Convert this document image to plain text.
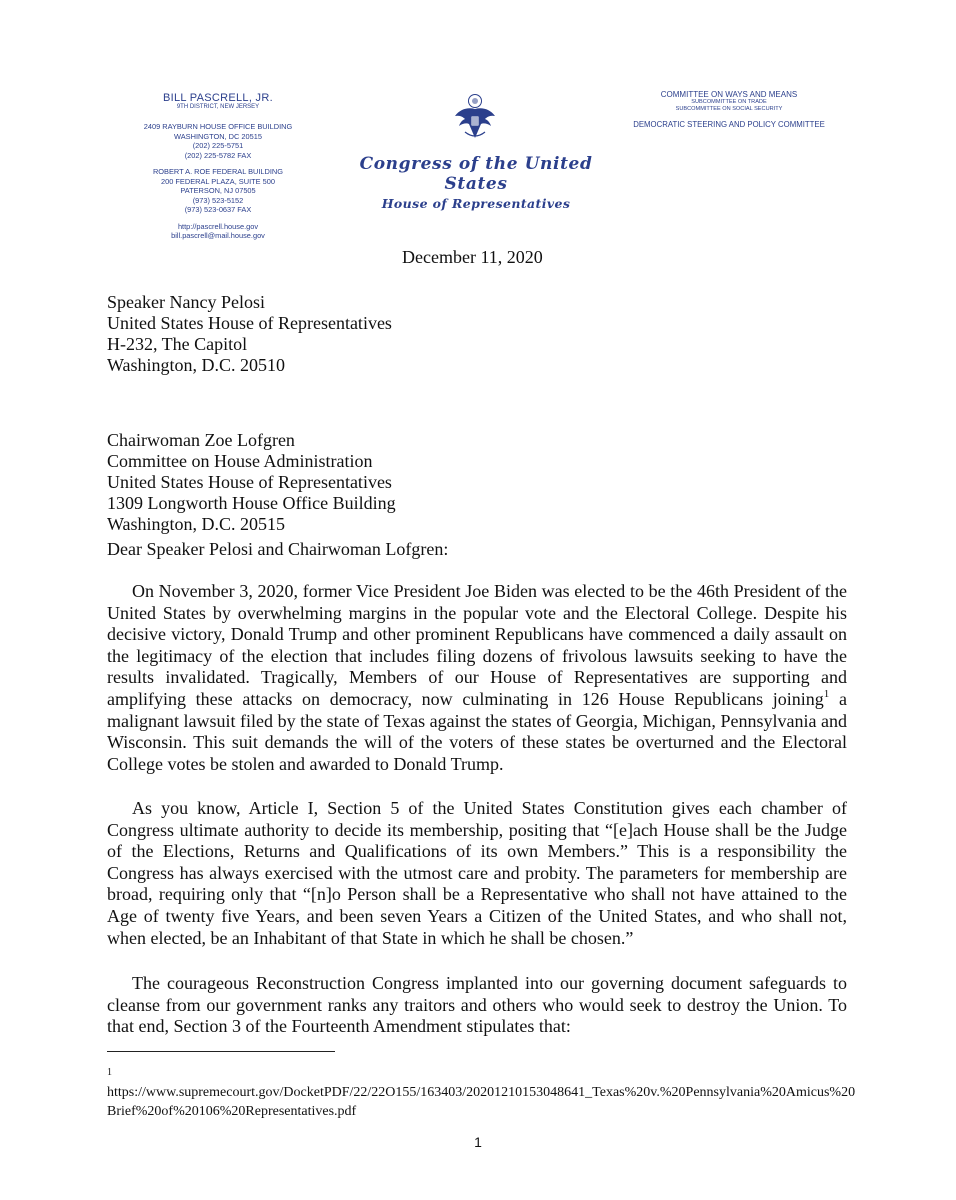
BILL PASCRELL, JR.
9TH DISTRICT, NEW JERSEY
2409 RAYBURN HOUSE OFFICE BUILDING
WASHINGTON, DC 20515
(202) 225-5751
(202) 225-5782 FAX
ROBERT A. ROE FEDERAL BUILDING
200 FEDERAL PLAZA, SUITE 500
PATERSON, NJ 07505
(973) 523-5152
(973) 523-0637 FAX
http://pascrell.house.gov
bill.pascrell@mail.house.gov
COMMITTEE ON WAYS AND MEANS
SUBCOMMITTEE ON TRADE
SUBCOMMITTEE ON SOCIAL SECURITY
DEMOCRATIC STEERING AND POLICY COMMITTEE
Congress of the United States
House of Representatives
December 11, 2020
Speaker Nancy Pelosi
United States House of Representatives
H-232, The Capitol
Washington, D.C. 20510
Chairwoman Zoe Lofgren
Committee on House Administration
United States House of Representatives
1309 Longworth House Office Building
Washington, D.C. 20515
Dear Speaker Pelosi and Chairwoman Lofgren:
On November 3, 2020, former Vice President Joe Biden was elected to be the 46th President of the United States by overwhelming margins in the popular vote and the Electoral College. Despite his decisive victory, Donald Trump and other prominent Republicans have commenced a daily assault on the legitimacy of the election that includes filing dozens of frivolous lawsuits seeking to have the results invalidated. Tragically, Members of our House of Representatives are supporting and amplifying these attacks on democracy, now culminating in 126 House Republicans joining$^1$ a malignant lawsuit filed by the state of Texas against the states of Georgia, Michigan, Pennsylvania and Wisconsin. This suit demands the will of the voters of these states be overturned and the Electoral College votes be stolen and awarded to Donald Trump.
As you know, Article I, Section 5 of the United States Constitution gives each chamber of Congress ultimate authority to decide its membership, positing that “[e]ach House shall be the Judge of the Elections, Returns and Qualifications of its own Members.” This is a responsibility the Congress has always exercised with the utmost care and probity. The parameters for membership are broad, requiring only that “[n]o Person shall be a Representative who shall not have attained to the Age of twenty five Years, and been seven Years a Citizen of the United States, and who shall not, when elected, be an Inhabitant of that State in which he shall be chosen.”
The courageous Reconstruction Congress implanted into our governing document safeguards to cleanse from our government ranks any traitors and others who would seek to destroy the Union. To that end, Section 3 of the Fourteenth Amendment stipulates that:
1
https://www.supremecourt.gov/DocketPDF/22/22O155/163403/20201210153048641_Texas%20v.%20Pennsylvania%20Amicus%20Brief%20of%20106%20Representatives.pdf
1
